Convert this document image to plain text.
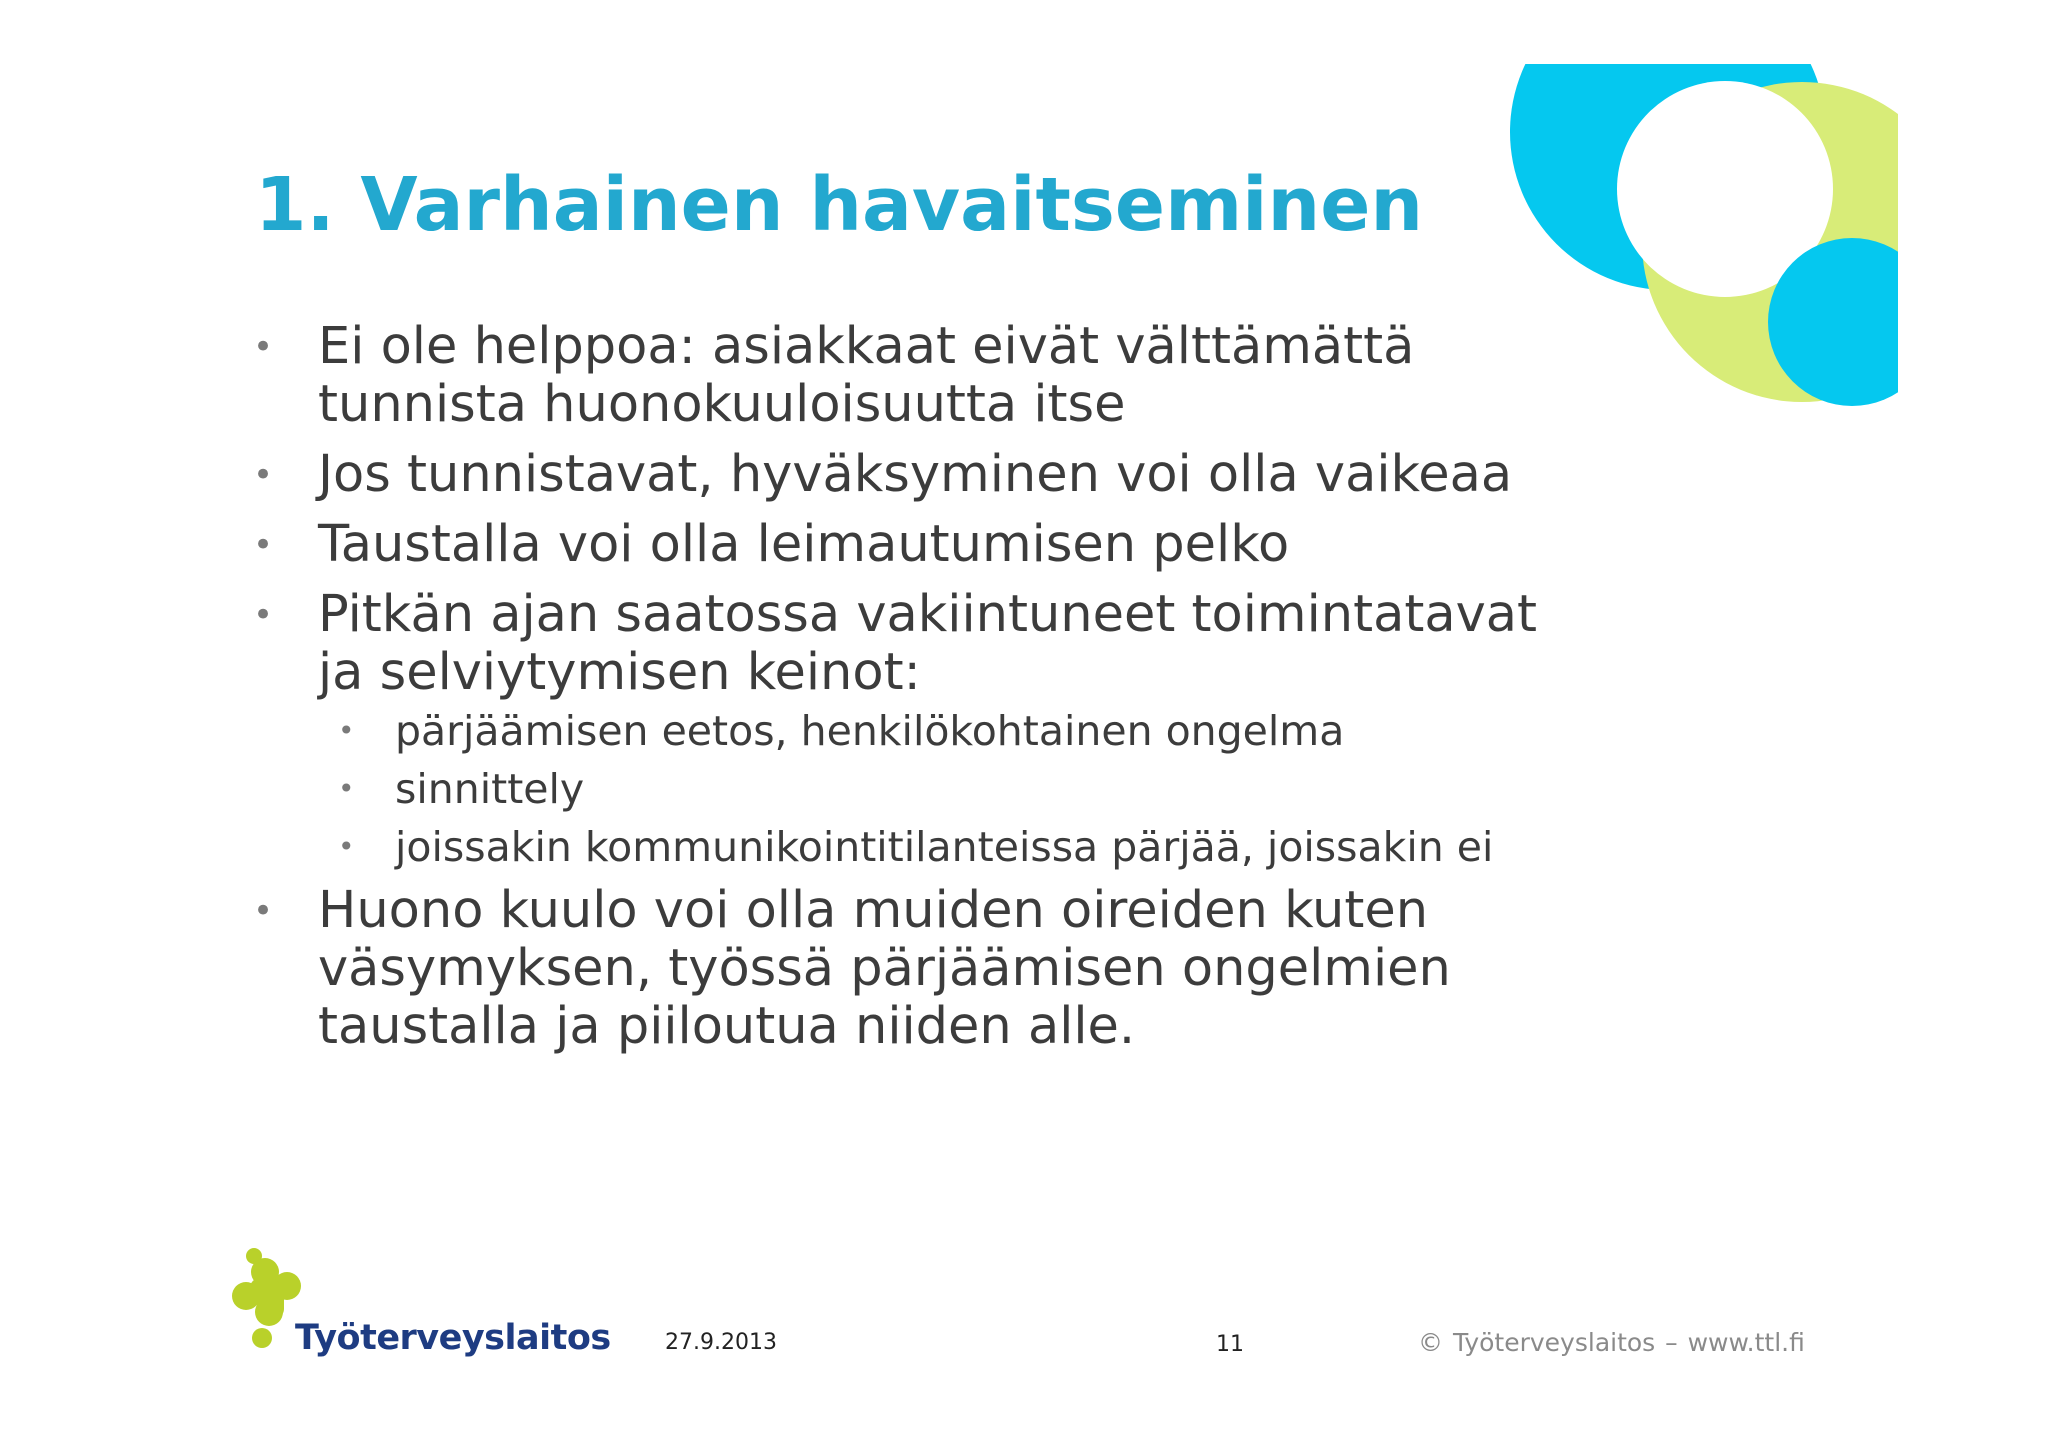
1. Varhainen havaitseminen
• Ei ole helppoa: asiakkaat eivät välttämättä tunnista huonokuuloisuutta itse
• Jos tunnistavat, hyväksyminen voi olla vaikeaa
• Taustalla voi olla leimautumisen pelko
• Pitkän ajan saatossa vakiintuneet toimintatavat ja selviytymisen keinot:
• pärjäämisen eetos, henkilökohtainen ongelma
• sinnittely
• joissakin kommunikointitilanteissa pärjää, joissakin ei
• Huono kuulo voi olla muiden oireiden kuten väsymyksen, työssä pärjäämisen ongelmien taustalla ja piiloutua niiden alle.
Työterveyslaitos 27.9.2013	11	© Työterveyslaitos – www.ttl.fi
